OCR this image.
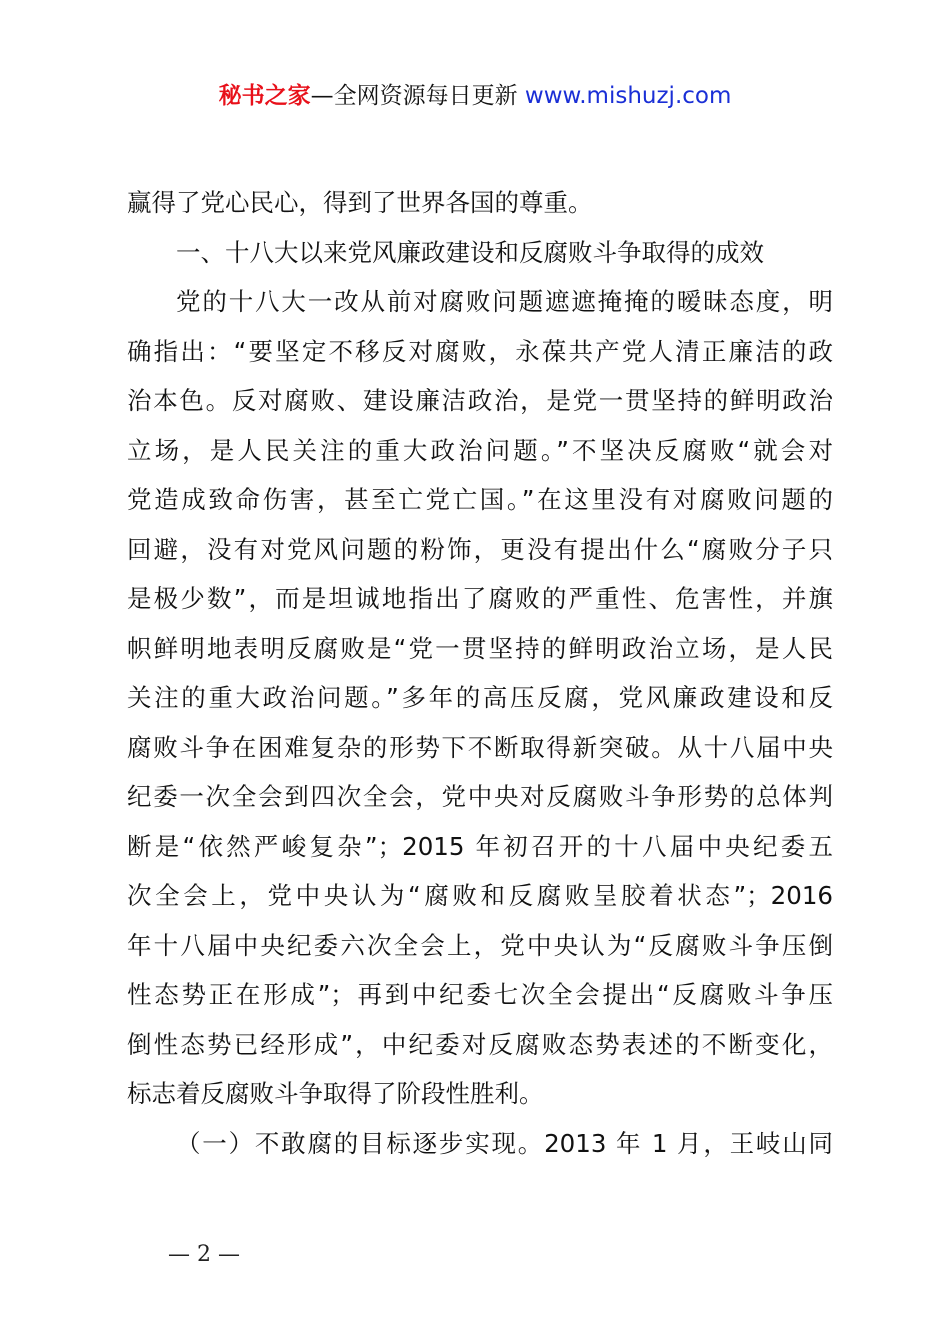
秘书之家—全网资源每日更新 www.mishuzj.com
赢得了党心民心，得到了世界各国的尊重。
一、十八大以来党风廉政建设和反腐败斗争取得的成效
党的十八大一改从前对腐败问题遮遮掩掩的暧昧态度，明
确指出：“要坚定不移反对腐败，永葆共产党人清正廉洁的政
治本色。反对腐败、建设廉洁政治，是党一贯坚持的鲜明政治
立场，是人民关注的重大政治问题。”不坚决反腐败“就会对
党造成致命伤害，甚至亡党亡国。”在这里没有对腐败问题的
回避，没有对党风问题的粉饰，更没有提出什么“腐败分子只
是极少数”，而是坦诚地指出了腐败的严重性、危害性，并旗
帜鲜明地表明反腐败是“党一贯坚持的鲜明政治立场，是人民
关注的重大政治问题。”多年的高压反腐，党风廉政建设和反
腐败斗争在困难复杂的形势下不断取得新突破。从十八届中央
纪委一次全会到四次全会，党中央对反腐败斗争形势的总体判
断是“依然严峻复杂”；2015 年初召开的十八届中央纪委五
次全会上，党中央认为“腐败和反腐败呈胶着状态”；2016
年十八届中央纪委六次全会上，党中央认为“反腐败斗争压倒
性态势正在形成”；再到中纪委七次全会提出“反腐败斗争压
倒性态势已经形成”，中纪委对反腐败态势表述的不断变化，
标志着反腐败斗争取得了阶段性胜利。
（一）不敢腐的目标逐步实现。2013 年 1 月，王岐山同
— 2 —
